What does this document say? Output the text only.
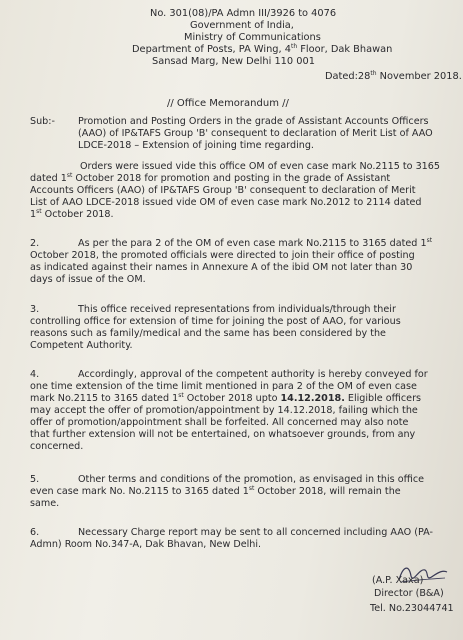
No. 301(08)/PA Admn III/3926 to 4076
Government of India,
Ministry of Communications
Department of Posts, PA Wing, 4th Floor, Dak Bhawan
Sansad Marg, New Delhi 110 001
Dated:28th November 2018.
// Office Memorandum //
Sub:- Promotion and Posting Orders in the grade of Assistant Accounts Officers
(AAO) of IP&TAFS Group 'B' consequent to declaration of Merit List of AAO
LDCE-2018 – Extension of joining time regarding.
Orders were issued vide this office OM of even case mark No.2115 to 3165
dated 1st October 2018 for promotion and posting in the grade of Assistant
Accounts Officers (AAO) of IP&TAFS Group 'B' consequent to declaration of Merit
List of AAO LDCE-2018 issued vide OM of even case mark No.2012 to 2114 dated
1st October 2018.
2.	As per the para 2 of the OM of even case mark No.2115 to 3165 dated 1st
October 2018, the promoted officials were directed to join their office of posting
as indicated against their names in Annexure A of the ibid OM not later than 30
days of issue of the OM.
3.	This office received representations from individuals/through their
controlling office for extension of time for joining the post of AAO, for various
reasons such as family/medical and the same has been considered by the
Competent Authority.
4.	Accordingly, approval of the competent authority is hereby conveyed for
one time extension of the time limit mentioned in para 2 of the OM of even case
mark No.2115 to 3165 dated 1st October 2018 upto 14.12.2018. Eligible officers
may accept the offer of promotion/appointment by 14.12.2018, failing which the
offer of promotion/appointment shall be forfeited. All concerned may also note
that further extension will not be entertained, on whatsoever grounds, from any
concerned.
5.	Other terms and conditions of the promotion, as envisaged in this office
even case mark No. No.2115 to 3165 dated 1st October 2018, will remain the
same.
6.	Necessary Charge report may be sent to all concerned including AAO (PA-
Admn) Room No.347-A, Dak Bhavan, New Delhi.
(A.P. Xaxa)
Director (B&A)
Tel. No.23044741
